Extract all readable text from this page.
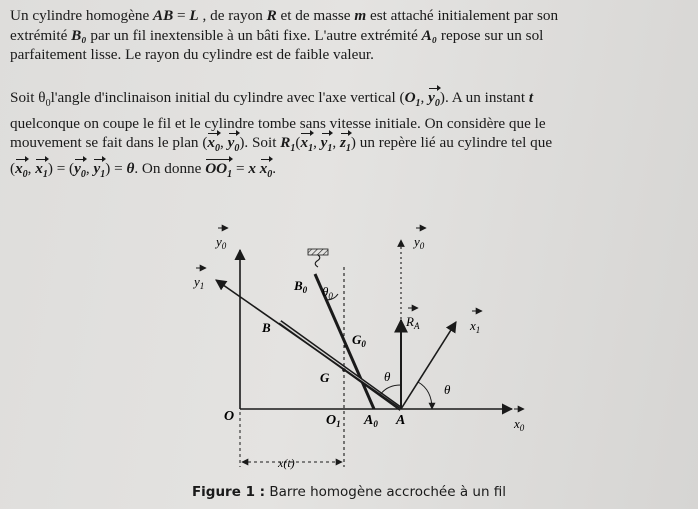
Un cylindre homogène AB = L , de rayon R et de masse m est attaché initialement par son
extrémité B₀ par un fil inextensible à un bâti fixe. L'autre extrémité A₀ repose sur un sol
parfaitement lisse. Le rayon du cylindre est de faible valeur.
Soit $\theta_0l'angle$ d'inclinaison initial du cylindre avec l'axe vertical ($O_1$, $y_0$). A un instant t
quelconque on coupe le fil et le cylindre tombe sans vitesse initiale. On considère que le
mouvement se fait dans le plan ($x_0$, $y_0$). Soit $R_1(x_1$, $y_1$, $z_1$) un repère lié au cylindre tel que
($x_0$, $x_1) = (y_0$, $y_1) = \theta$. On donne $OO_1 = x$ $x_0$.
$y_0$
$y_1$	$B_0$ $\theta_0$
B
$G_0$
G	θ
θ
$y_0$
$R_A$	$x_1$
O	$O_1$ $A_0$ A	$x_0$
x(t)
Figure 1 : Barre homogène accrochée à un fil
